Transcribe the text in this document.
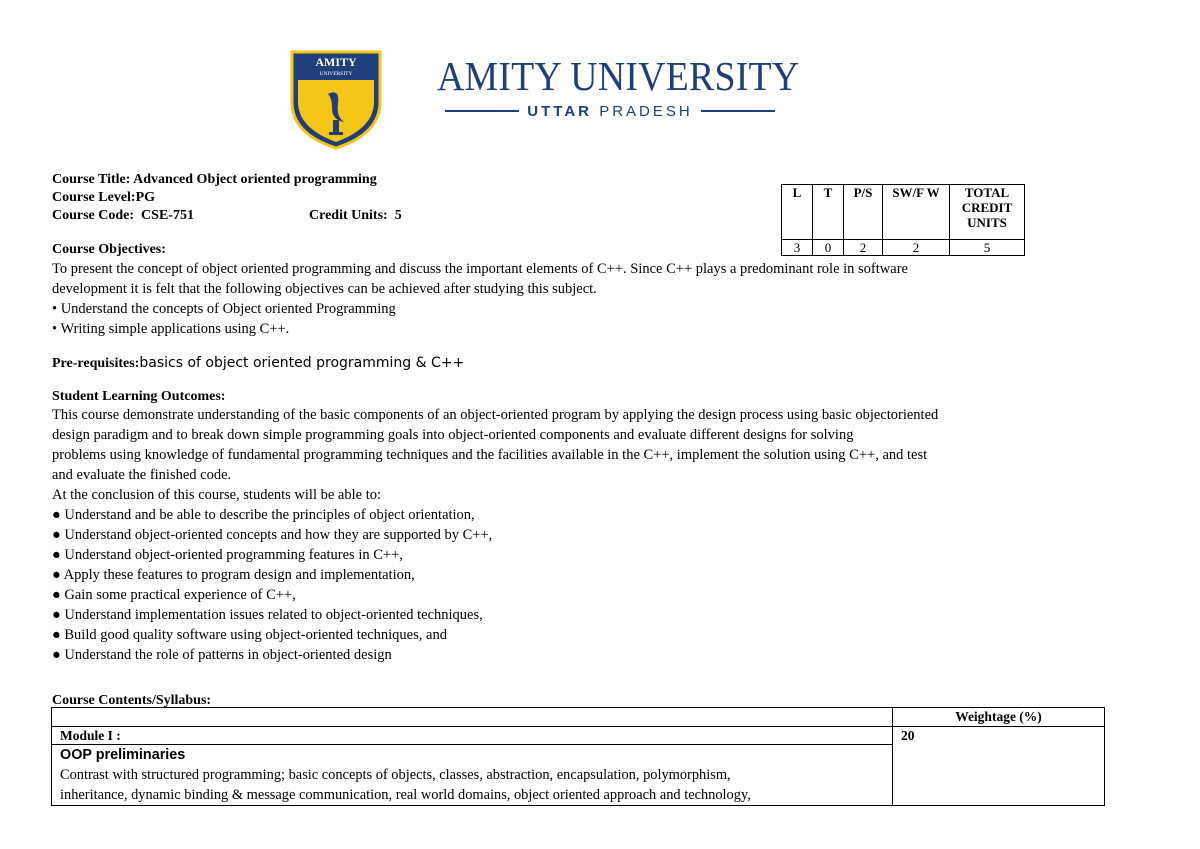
AMITY
UNIVERSITY AMITY UNIVERSITY
UTTAR PRADESH
Course Title: Advanced Object oriented programming
Course Level:PG
Course Code: CSE-751	Credit Units: 5
L	T	P/S	SW/F W	TOTAL CREDIT UNITS
3	0	2	2	5
Course Objectives:
To present the concept of object oriented programming and discuss the important elements of C++. Since C++ plays a predominant role in software
development it is felt that the following objectives can be achieved after studying this subject.
• Understand the concepts of Object oriented Programming
• Writing simple applications using C++.
Pre-requisites:basics of object oriented programming & C++
Student Learning Outcomes:
This course demonstrate understanding of the basic components of an object-oriented program by applying the design process using basic objectoriented
design paradigm and to break down simple programming goals into object-oriented components and evaluate different designs for solving
problems using knowledge of fundamental programming techniques and the facilities available in the C++, implement the solution using C++, and test
and evaluate the finished code.
At the conclusion of this course, students will be able to:
● Understand and be able to describe the principles of object orientation,
● Understand object-oriented concepts and how they are supported by C++,
● Understand object-oriented programming features in C++,
● Apply these features to program design and implementation,
● Gain some practical experience of C++,
● Understand implementation issues related to object-oriented techniques,
● Build good quality software using object-oriented techniques, and
● Understand the role of patterns in object-oriented design
Course Contents/Syllabus:
	Weightage (%)
Module I :	20

OOP preliminaries
Contrast with structured programming; basic concepts of objects, classes, abstraction, encapsulation, polymorphism,
inheritance, dynamic binding & message communication, real world domains, object oriented approach and technology,	
